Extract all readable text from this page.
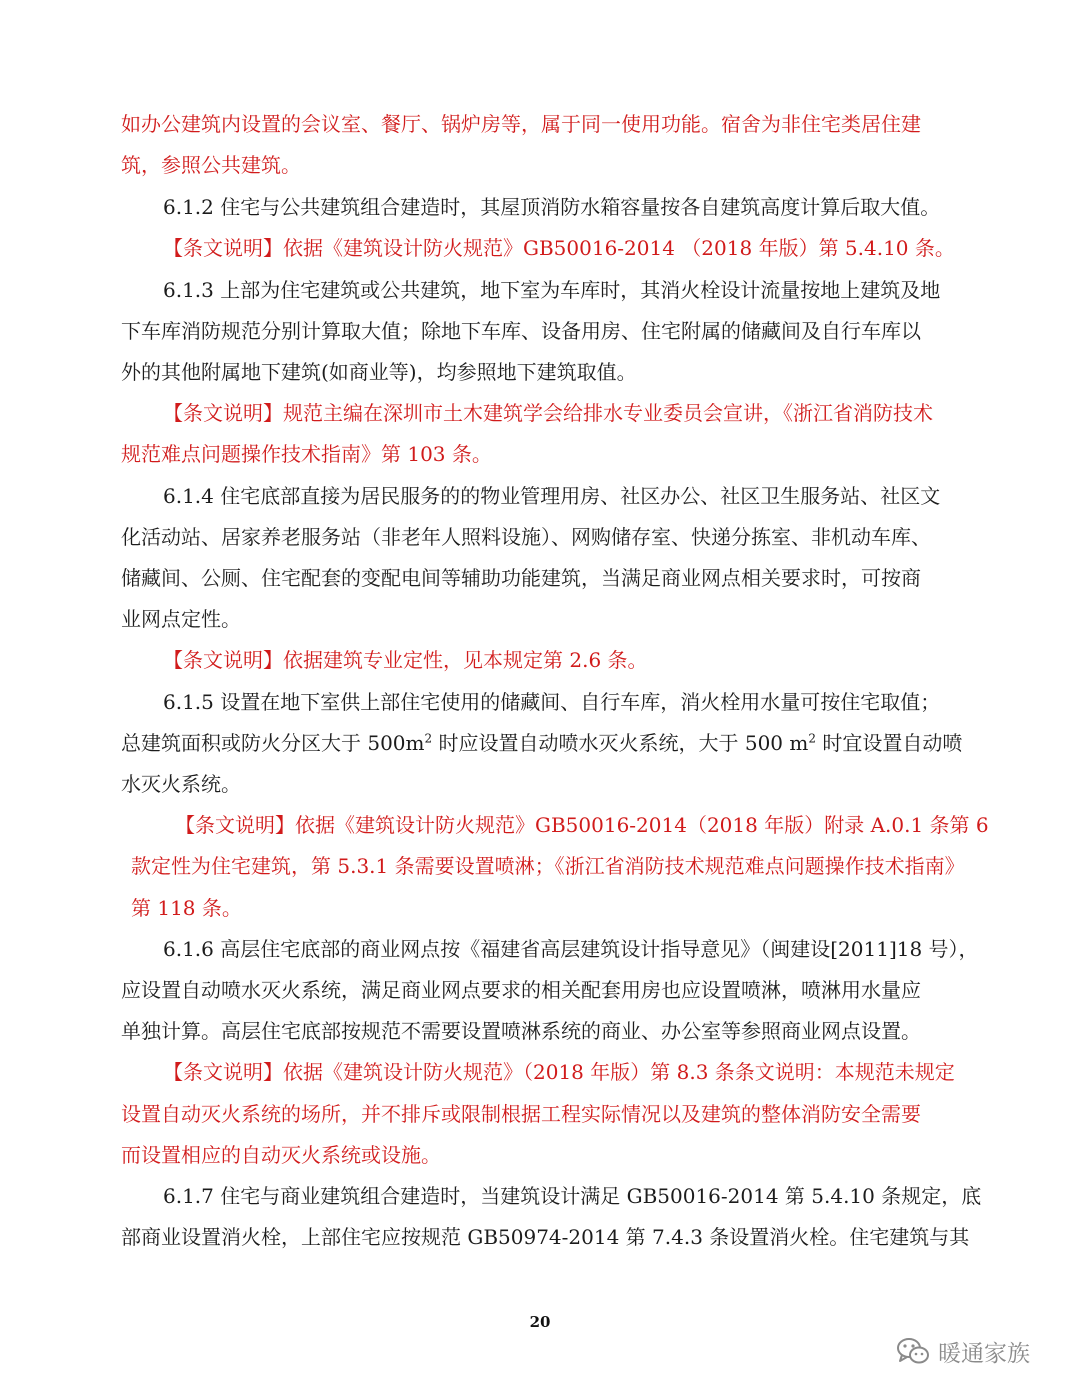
如办公建筑内设置的会议室、餐厅、锅炉房等，属于同一使用功能。宿舍为非住宅类居住建
筑，参照公共建筑。
6.1.2 住宅与公共建筑组合建造时，其屋顶消防水箱容量按各自建筑高度计算后取大值。
【条文说明】依据《建筑设计防火规范》GB50016-2014 （2018 年版）第 5.4.10 条。
6.1.3 上部为住宅建筑或公共建筑，地下室为车库时，其消火栓设计流量按地上建筑及地
下车库消防规范分别计算取大值；除地下车库、设备用房、住宅附属的储藏间及自行车库以
外的其他附属地下建筑(如商业等)，均参照地下建筑取值。
【条文说明】规范主编在深圳市土木建筑学会给排水专业委员会宣讲，《浙江省消防技术
规范难点问题操作技术指南》第 103 条。
6.1.4 住宅底部直接为居民服务的的物业管理用房、社区办公、社区卫生服务站、社区文
化活动站、居家养老服务站（非老年人照料设施）、网购储存室、快递分拣室、非机动车库、
储藏间、公厕、住宅配套的变配电间等辅助功能建筑，当满足商业网点相关要求时，可按商
业网点定性。
【条文说明】依据建筑专业定性，见本规定第 2.6 条。
6.1.5 设置在地下室供上部住宅使用的储藏间、自行车库，消火栓用水量可按住宅取值；
总建筑面积或防火分区大于 $500m^2$ 时应设置自动喷水灭火系统，大于 500 $m^2$ 时宜设置自动喷
水灭火系统。
【条文说明】依据《建筑设计防火规范》GB50016-2014（2018 年版）附录 A.0.1 条第 6
款定性为住宅建筑，第 5.3.1 条需要设置喷淋；《浙江省消防技术规范难点问题操作技术指南》
第 118 条。
6.1.6 高层住宅底部的商业网点按《福建省高层建筑设计指导意见》（闽建设[2011]18 号），
应设置自动喷水灭火系统，满足商业网点要求的相关配套用房也应设置喷淋，喷淋用水量应
单独计算。高层住宅底部按规范不需要设置喷淋系统的商业、办公室等参照商业网点设置。
【条文说明】依据《建筑设计防火规范》（2018 年版）第 8.3 条条文说明：本规范未规定
设置自动灭火系统的场所，并不排斥或限制根据工程实际情况以及建筑的整体消防安全需要
而设置相应的自动灭火系统或设施。
6.1.7 住宅与商业建筑组合建造时，当建筑设计满足 GB50016-2014 第 5.4.10 条规定，底
部商业设置消火栓，上部住宅应按规范 GB50974-2014 第 7.4.3 条设置消火栓。住宅建筑与其
20
暖通家族
